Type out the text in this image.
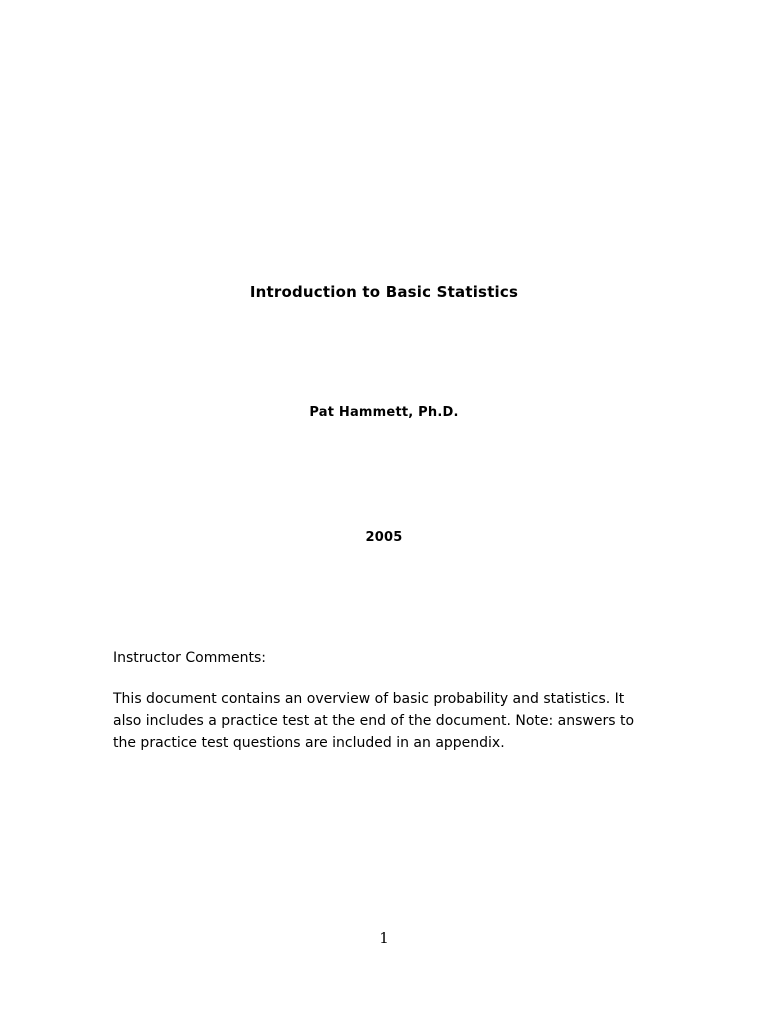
Introduction to Basic Statistics
Pat Hammett, Ph.D.
2005
Instructor Comments:
This document contains an overview of basic probability and statistics. It
also includes a practice test at the end of the document. Note: answers to
the practice test questions are included in an appendix.
1
